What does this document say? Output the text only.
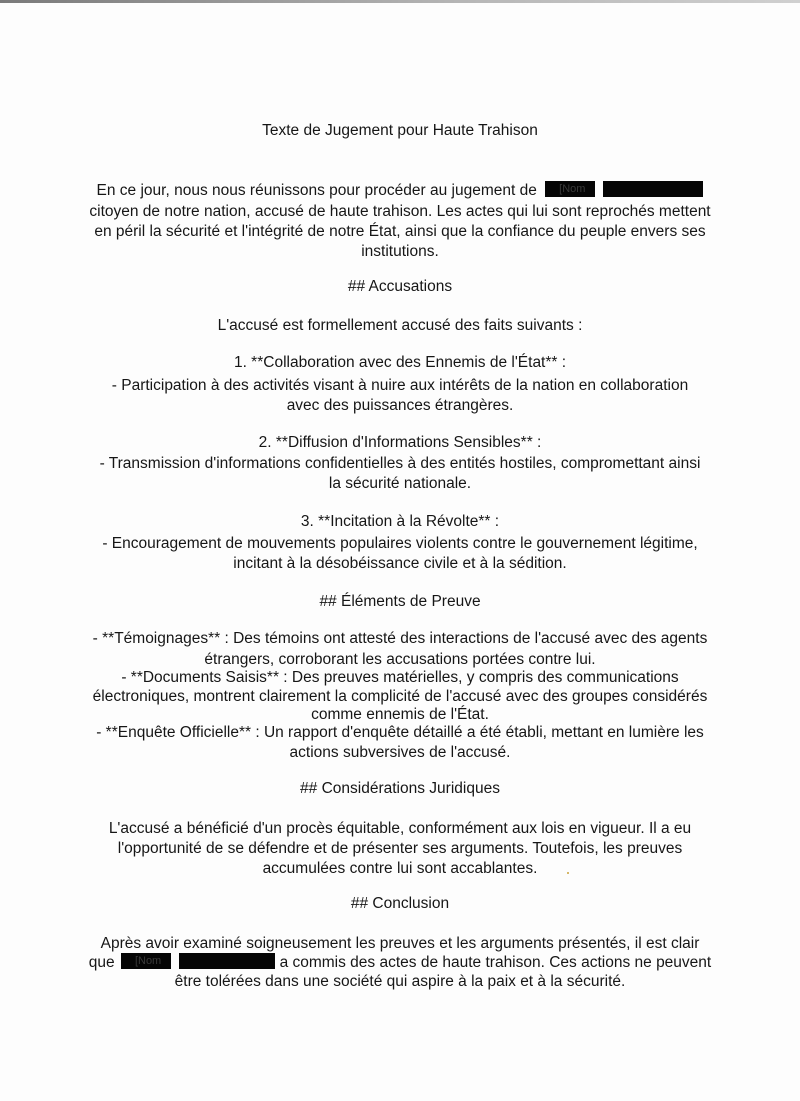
Texte de Jugement pour Haute Trahison
En ce jour, nous nous réunissons pour procéder au jugement de [Nom

citoyen de notre nation, accusé de haute trahison. Les actes qui lui sont reprochés mettent
en péril la sécurité et l'intégrité de notre État, ainsi que la confiance du peuple envers ses
institutions.
## Accusations
L'accusé est formellement accusé des faits suivants :
1. **Collaboration avec des Ennemis de l'État** :
- Participation à des activités visant à nuire aux intérêts de la nation en collaboration
avec des puissances étrangères.
2. **Diffusion d'Informations Sensibles** :
- Transmission d'informations confidentielles à des entités hostiles, compromettant ainsi
la sécurité nationale.
3. **Incitation à la Révolte** :
- Encouragement de mouvements populaires violents contre le gouvernement légitime,
incitant à la désobéissance civile et à la sédition.
## Éléments de Preuve
- **Témoignages** : Des témoins ont attesté des interactions de l'accusé avec des agents
étrangers, corroborant les accusations portées contre lui.
- **Documents Saisis** : Des preuves matérielles, y compris des communications
électroniques, montrent clairement la complicité de l'accusé avec des groupes considérés
comme ennemis de l'État.
- **Enquête Officielle** : Un rapport d'enquête détaillé a été établi, mettant en lumière les
actions subversives de l'accusé.
## Considérations Juridiques
L'accusé a bénéficié d'un procès équitable, conformément aux lois en vigueur. Il a eu
l'opportunité de se défendre et de présenter ses arguments. Toutefois, les preuves
accumulées contre lui sont accablantes.
## Conclusion
Après avoir examiné soigneusement les preuves et les arguments présentés, il est clair
que [Nom	a commis des actes de haute trahison. Ces actions ne peuvent
être tolérées dans une société qui aspire à la paix et à la sécurité.
